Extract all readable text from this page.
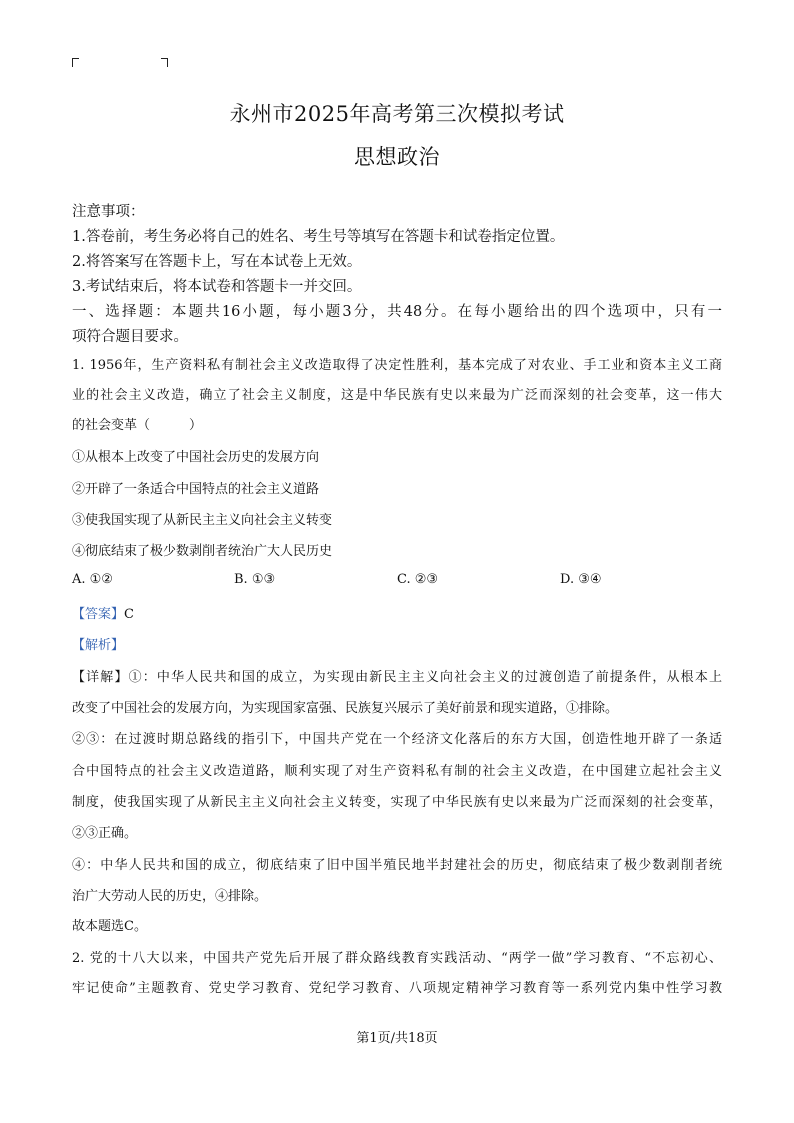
永州市2025年高考第三次模拟考试
思想政治
注意事项：
1.答卷前，考生务必将自己的姓名、考生号等填写在答题卡和试卷指定位置。
2.将答案写在答题卡上，写在本试卷上无效。
3.考试结束后，将本试卷和答题卡一并交回。
一、选择题：本题共16小题，每小题3分，共48分。在每小题给出的四个选项中，只有一
项符合题目要求。
1. 1956年，生产资料私有制社会主义改造取得了决定性胜利，基本完成了对农业、手工业和资本主义工商
业的社会主义改造，确立了社会主义制度，这是中华民族有史以来最为广泛而深刻的社会变革，这一伟大
的社会变革（　　　）
①从根本上改变了中国社会历史的发展方向
②开辟了一条适合中国特点的社会主义道路
③使我国实现了从新民主主义向社会主义转变
④彻底结束了极少数剥削者统治广大人民历史
A. ①②	B. ①③	C. ②③	D. ③④
【答案】C
【解析】
【详解】①：中华人民共和国的成立，为实现由新民主主义向社会主义的过渡创造了前提条件，从根本上
改变了中国社会的发展方向，为实现国家富强、民族复兴展示了美好前景和现实道路，①排除。
②③：在过渡时期总路线的指引下，中国共产党在一个经济文化落后的东方大国，创造性地开辟了一条适
合中国特点的社会主义改造道路，顺利实现了对生产资料私有制的社会主义改造，在中国建立起社会主义
制度，使我国实现了从新民主主义向社会主义转变，实现了中华民族有史以来最为广泛而深刻的社会变革，
②③正确。
④：中华人民共和国的成立，彻底结束了旧中国半殖民地半封建社会的历史，彻底结束了极少数剥削者统
治广大劳动人民的历史，④排除。
故本题选C。
2. 党的十八大以来，中国共产党先后开展了群众路线教育实践活动、“两学一做”学习教育、“不忘初心、
牢记使命”主题教育、党史学习教育、党纪学习教育、八项规定精神学习教育等一系列党内集中性学习教
第1页/共18页
